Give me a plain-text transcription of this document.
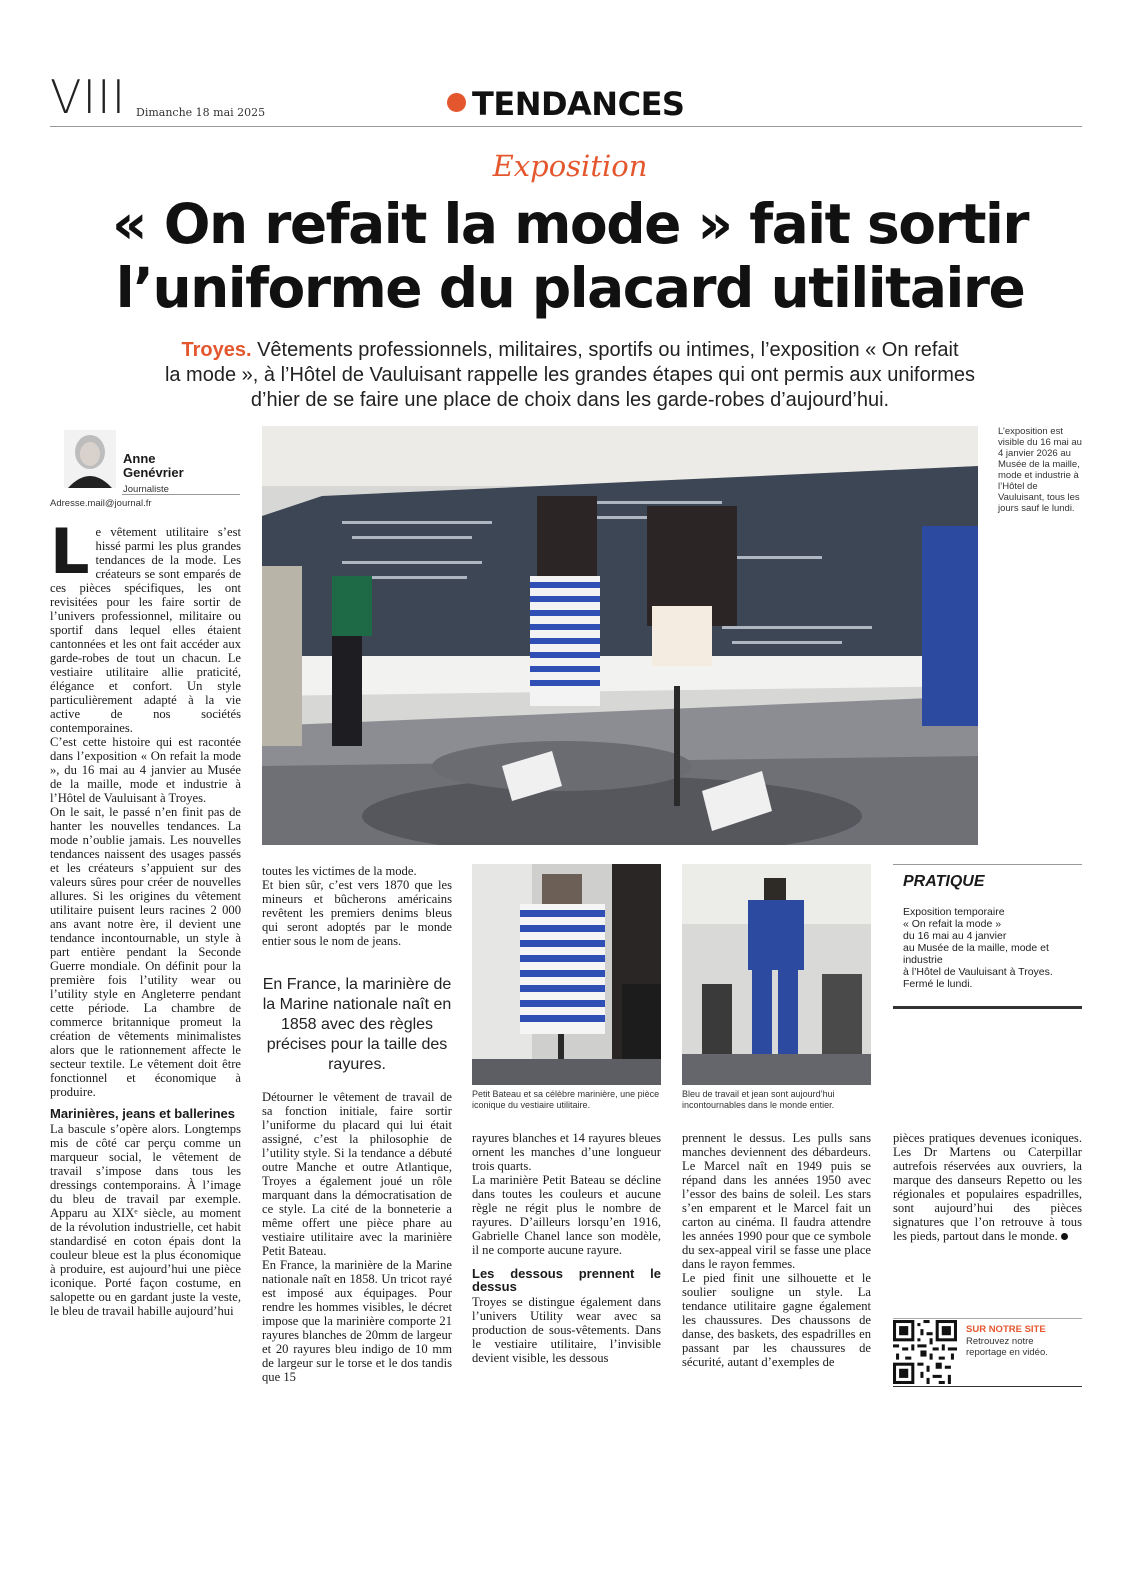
VIII Dimanche 18 mai 2025	TENDANCES
Exposition
« On refait la mode » fait sortir
l’uniforme du placard utilitaire
Troyes. Vêtements professionnels, militaires, sportifs ou intimes, l’exposition « On refait
la mode », à l’Hôtel de Vauluisant rappelle les grandes étapes qui ont permis aux uniformes
d’hier de se faire une place de choix dans les garde-robes d’aujourd’hui.
Anne
Genévrier
Journaliste
Adresse.mail@journal.fr
L’exposition est visible du 16 mai au 4 janvier 2026 au Musée de la maille, mode et industrie à l’Hôtel de Vauluisant, tous les jours sauf le lundi.

Le vêtement utilitaire s’est hissé parmi les plus grandes tendances de la mode. Les créateurs se sont emparés de ces pièces spécifiques, les ont revisitées pour les faire sortir de l’univers professionnel, militaire ou sportif dans lequel elles étaient cantonnées et les ont fait accéder aux garde-robes de tout un chacun. Le vestiaire utilitaire allie praticité, élégance et confort. Un style particulièrement adapté à la vie active de nos sociétés contemporaines.

C’est cette histoire qui est racontée dans l’exposition « On refait la mode », du 16 mai au 4 janvier au Musée de la maille, mode et industrie à l’Hôtel de Vauluisant à Troyes.

On le sait, le passé n’en finit pas de hanter les nouvelles tendances. La mode n’oublie jamais. Les nouvelles tendances naissent des usages passés et les créateurs s’appuient sur des valeurs sûres pour créer de nouvelles allures. Si les origines du vêtement utilitaire puisent leurs racines 2 000 ans avant notre ère, il devient une tendance incontournable, un style à part entière pendant la Seconde Guerre mondiale. On définit pour la première fois l’utility wear ou l’utility style en Angleterre pendant cette période. La chambre de commerce britannique promeut la création de vêtements minimalistes alors que le rationnement affecte le secteur textile. Le vêtement doit être fonctionnel et économique à produire.

Marinières, jeans et ballerines

La bascule s’opère alors. Longtemps mis de côté car perçu comme un marqueur social, le vêtement de travail s’impose dans tous les dressings contemporains. À l’image du bleu de travail par exemple. Apparu au XIXᵉ siècle, au moment de la révolution industrielle, cet habit standardisé en coton épais dont la couleur bleue est la plus économique à produire, est aujourd’hui une pièce iconique. Porté façon costume, en salopette ou en gardant juste la veste, le bleu de travail habille aujourd’hui

toutes les victimes de la mode.

Et bien sûr, c’est vers 1870 que les mineurs et bûcherons américains revêtent les premiers denims bleus qui seront adoptés par le monde entier sous le nom de jeans.

En France, la marinière de la Marine nationale naît en 1858 avec des règles précises pour la taille des rayures.

Détourner le vêtement de travail de sa fonction initiale, faire sortir l’uniforme du placard qui lui était assigné, c’est la philosophie de l’utility style. Si la tendance a débuté outre Manche et outre Atlantique, Troyes a également joué un rôle marquant dans la démocratisation de ce style. La cité de la bonneterie a même offert une pièce phare au vestiaire utilitaire avec la marinière Petit Bateau.

En France, la marinière de la Marine nationale naît en 1858. Un tricot rayé est imposé aux équipages. Pour rendre les hommes visibles, le décret impose que la marinière comporte 21 rayures blanches de 20mm de largeur et 20 rayures bleu indigo de 10 mm de largeur sur le torse et le dos tandis que 15

Petit Bateau et sa célèbre marinière, une pièce iconique du vestiaire utilitaire.

rayures blanches et 14 rayures bleues ornent les manches d’une longueur trois quarts.

La marinière Petit Bateau se décline dans toutes les couleurs et aucune règle ne régit plus le nombre de rayures. D’ailleurs lorsqu’en 1916, Gabrielle Chanel lance son modèle, il ne comporte aucune rayure.

Les dessous prennent le dessus

Troyes se distingue également dans l’univers Utility wear avec sa production de sous-vêtements. Dans le vestiaire utilitaire, l’invisible devient visible, les dessous

Bleu de travail et jean sont aujourd’hui incontournables dans le monde entier.

prennent le dessus. Les pulls sans manches deviennent des débardeurs. Le Marcel naît en 1949 puis se répand dans les années 1950 avec l’essor des bains de soleil. Les stars s’en emparent et le Marcel fait un carton au cinéma. Il faudra attendre les années 1990 pour que ce symbole du sex-appeal viril se fasse une place dans le rayon femmes.

Le pied finit une silhouette et le soulier souligne un style. La tendance utilitaire gagne également les chaussures. Des chaussons de danse, des baskets, des espadrilles en passant par les chaussures de sécurité, autant d’exemples de

PRATIQUE
Exposition temporaire
« On refait la mode »
du 16 mai au 4 janvier
au Musée de la maille, mode et industrie
à l’Hôtel de Vauluisant à Troyes.
Fermé le lundi.

pièces pratiques devenues iconiques. Les Dr Martens ou Caterpillar autrefois réservées aux ouvriers, la marque des danseurs Repetto ou les régionales et populaires espadrilles, sont aujourd’hui des pièces signatures que l’on retrouve à tous les pieds, partout dans le monde.

SUR NOTRE SITE
Retrouvez notre reportage en vidéo.
